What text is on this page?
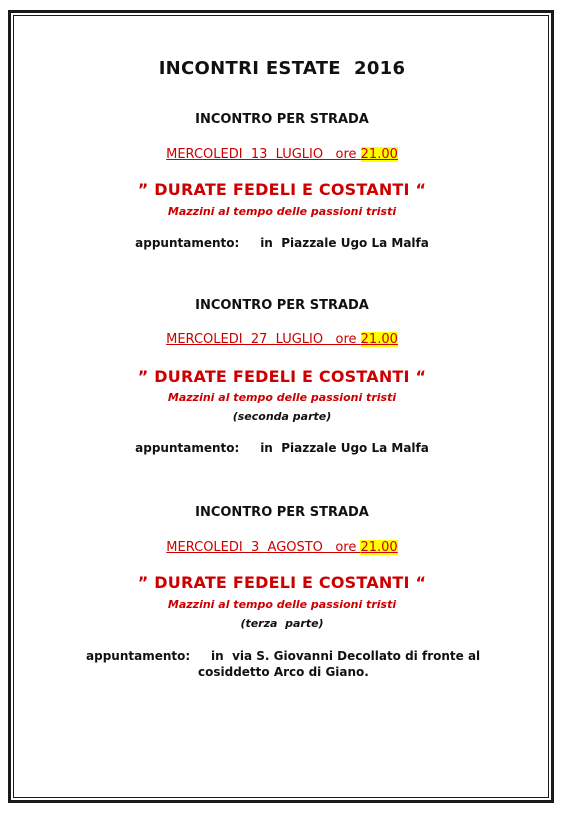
INCONTRI ESTATE  2016
INCONTRO PER STRADA
MERCOLEDI  13  LUGLIO   ore 21.00
” DURATE FEDELI E COSTANTI “
Mazzini al tempo delle passioni tristi
appuntamento:     in  Piazzale Ugo La Malfa
INCONTRO PER STRADA
MERCOLEDI  27  LUGLIO   ore 21.00
” DURATE FEDELI E COSTANTI “
Mazzini al tempo delle passioni tristi
(seconda parte)
appuntamento:     in  Piazzale Ugo La Malfa
INCONTRO PER STRADA
MERCOLEDI  3  AGOSTO   ore 21.00
” DURATE FEDELI E COSTANTI “
Mazzini al tempo delle passioni tristi
(terza  parte)
appuntamento:     in  via S. Giovanni Decollato di fronte al
cosiddetto Arco di Giano.
